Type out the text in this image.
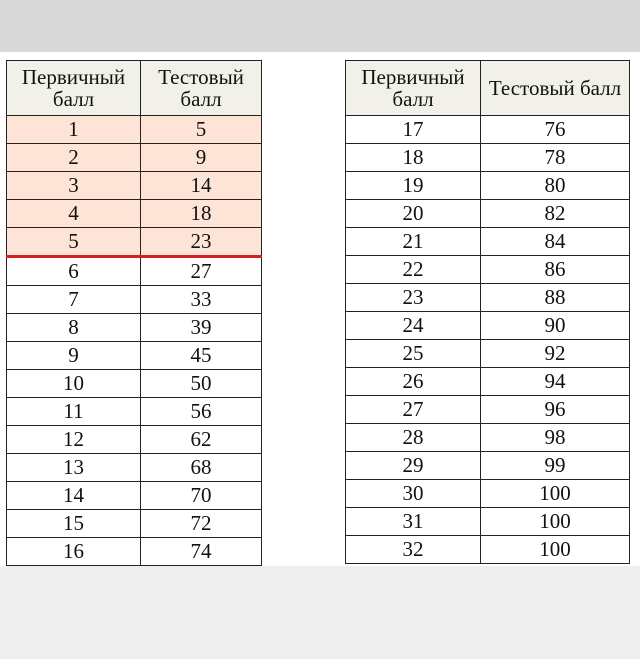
Первичный балл	Тестовый балл
1	5
2	9
3	14
4	18
5	23
6	27
7	33
8	39
9	45
10	50
11	56
12	62
13	68
14	70
15	72
16	74
Первичный балл	Тестовый балл
17	76
18	78
19	80
20	82
21	84
22	86
23	88
24	90
25	92
26	94
27	96
28	98
29	99
30	100
31	100
32	100
